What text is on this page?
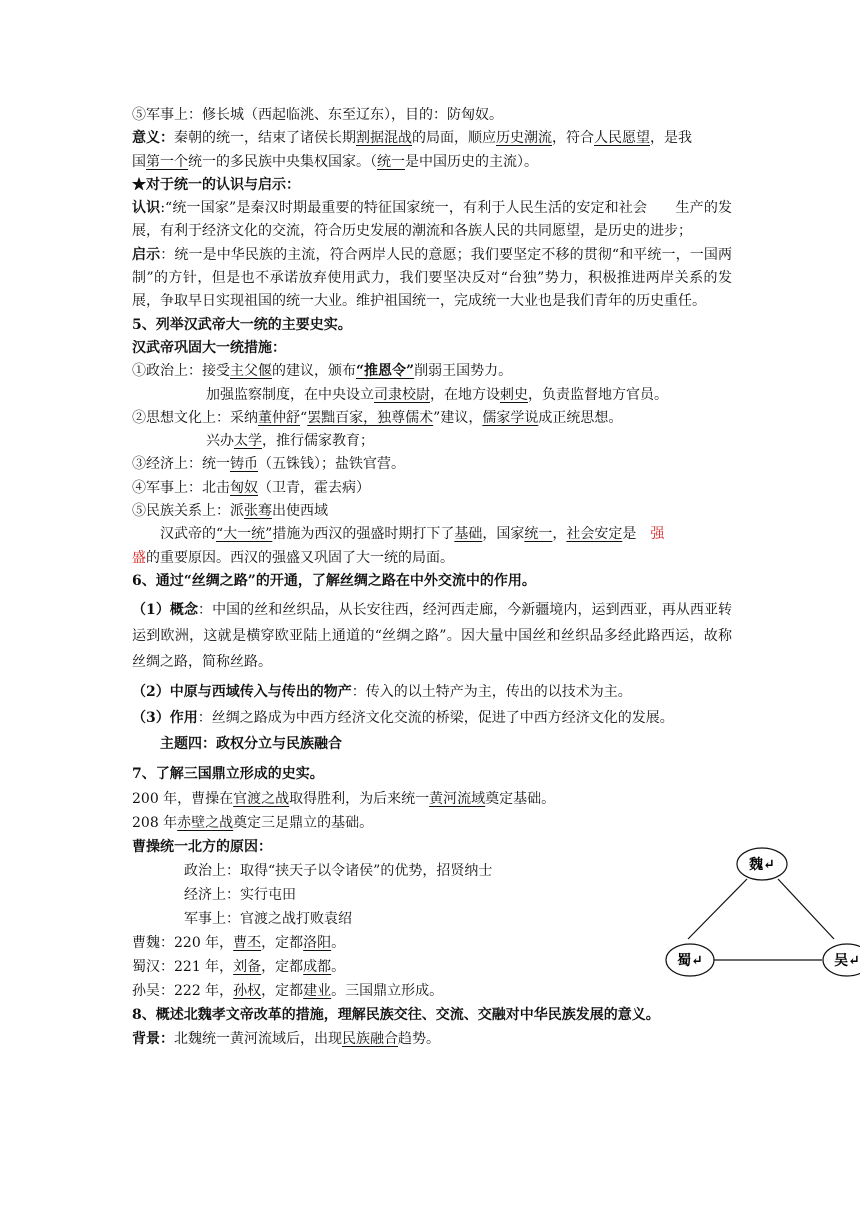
⑤军事上：修长城（西起临洮、东至辽东），目的：防匈奴。
意义：秦朝的统一，结束了诸侯长期割据混战的局面，顺应历史潮流，符合人民愿望，是我
国第一个统一的多民族中央集权国家。（统一是中国历史的主流）。
★对于统一的认识与启示：
认识:“统一国家”是秦汉时期最重要的特征国家统一，有利于人民生活的安定和社会　　生产的发展，有利于经济文化的交流，符合历史发展的潮流和各族人民的共同愿望，是历史的进步；
启示：统一是中华民族的主流，符合两岸人民的意愿；我们要坚定不移的贯彻“和平统一，一国两制”的方针，但是也不承诺放弃使用武力，我们要坚决反对“台独”势力，积极推进两岸关系的发展，争取早日实现祖国的统一大业。维护祖国统一，完成统一大业也是我们青年的历史重任。
5、列举汉武帝大一统的主要史实。
汉武帝巩固大一统措施：
①政治上：接受主父偃的建议，颁布“推恩令”削弱王国势力。
加强监察制度，在中央设立司隶校尉，在地方设刺史，负责监督地方官员。
②思想文化上：采纳董仲舒“罢黜百家，独尊儒术”建议，儒家学说成正统思想。
兴办太学，推行儒家教育；
③经济上：统一铸币（五铢钱）；盐铁官营。
④军事上：北击匈奴（卫青，霍去病）
⑤民族关系上：派张骞出使西域
汉武帝的“大一统”措施为西汉的强盛时期打下了基础，国家统一，社会安定是　强
盛的重要原因。西汉的强盛又巩固了大一统的局面。
6、通过“丝绸之路”的开通，了解丝绸之路在中外交流中的作用。
（1）概念：中国的丝和丝织品，从长安往西，经河西走廊，今新疆境内，运到西亚，再从西亚转运到欧洲，这就是横穿欧亚陆上通道的“丝绸之路”。因大量中国丝和丝织品多经此路西运，故称丝绸之路，简称丝路。
（2）中原与西域传入与传出的物产：传入的以土特产为主，传出的以技术为主。
（3）作用：丝绸之路成为中西方经济文化交流的桥梁，促进了中西方经济文化的发展。
主题四：政权分立与民族融合
7、了解三国鼎立形成的史实。
200 年，曹操在官渡之战取得胜利，为后来统一黄河流域奠定基础。
208 年赤壁之战奠定三足鼎立的基础。
曹操统一北方的原因：
政治上：取得“挟天子以令诸侯”的优势，招贤纳士
经济上：实行屯田
军事上：官渡之战打败袁绍
曹魏：220 年，曹丕，定都洛阳。
蜀汉：221 年，刘备，定都成都。
孙吴：222 年，孙权，定都建业。三国鼎立形成。
8、概述北魏孝文帝改革的措施，理解民族交往、交流、交融对中华民族发展的意义。
背景：北魏统一黄河流域后，出现民族融合趋势。
魏↵
蜀↵	吴↵
